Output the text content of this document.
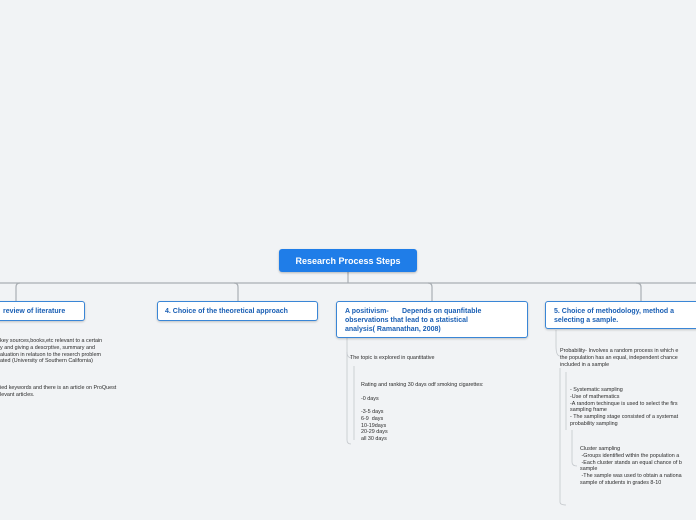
Research Process Steps
review of literature	4. Choice of the theoretical approach	A positivism-
observations that lead to a statistical
analysis( Ramanathan, 2008)
Depends on quanfitable	5. Choice of methodology, method a
selecting a sample.
key sources,books,etc relevant to a certain
y and giving a descrptive, summary and
aluation in relatuon to the reserch problem
ated (University of Southern California)
ied keywords and there is an article on ProQuest
levant articles.
The topic is explored in quantitative
Rating and ranking 30 days odf smoking cigarettes:

-0 days

-3-5 days
6-9  days
10-19days
20-29 days
all 30 days
Probability- Involves a random process in which e
the population has an equal, independent chance
included in a sample
- Systematic sampling
-Use of mathematics
-A random techinque is used to select the firs
sampling frame
- The sampling stage consisted of a systemat
probability sampling
Cluster sampling
-Groups identified within the population a
-Each cluster stands an equal chance of b
sample
-The sample was used to obtain a nationa
sample of students in grades 8-10
